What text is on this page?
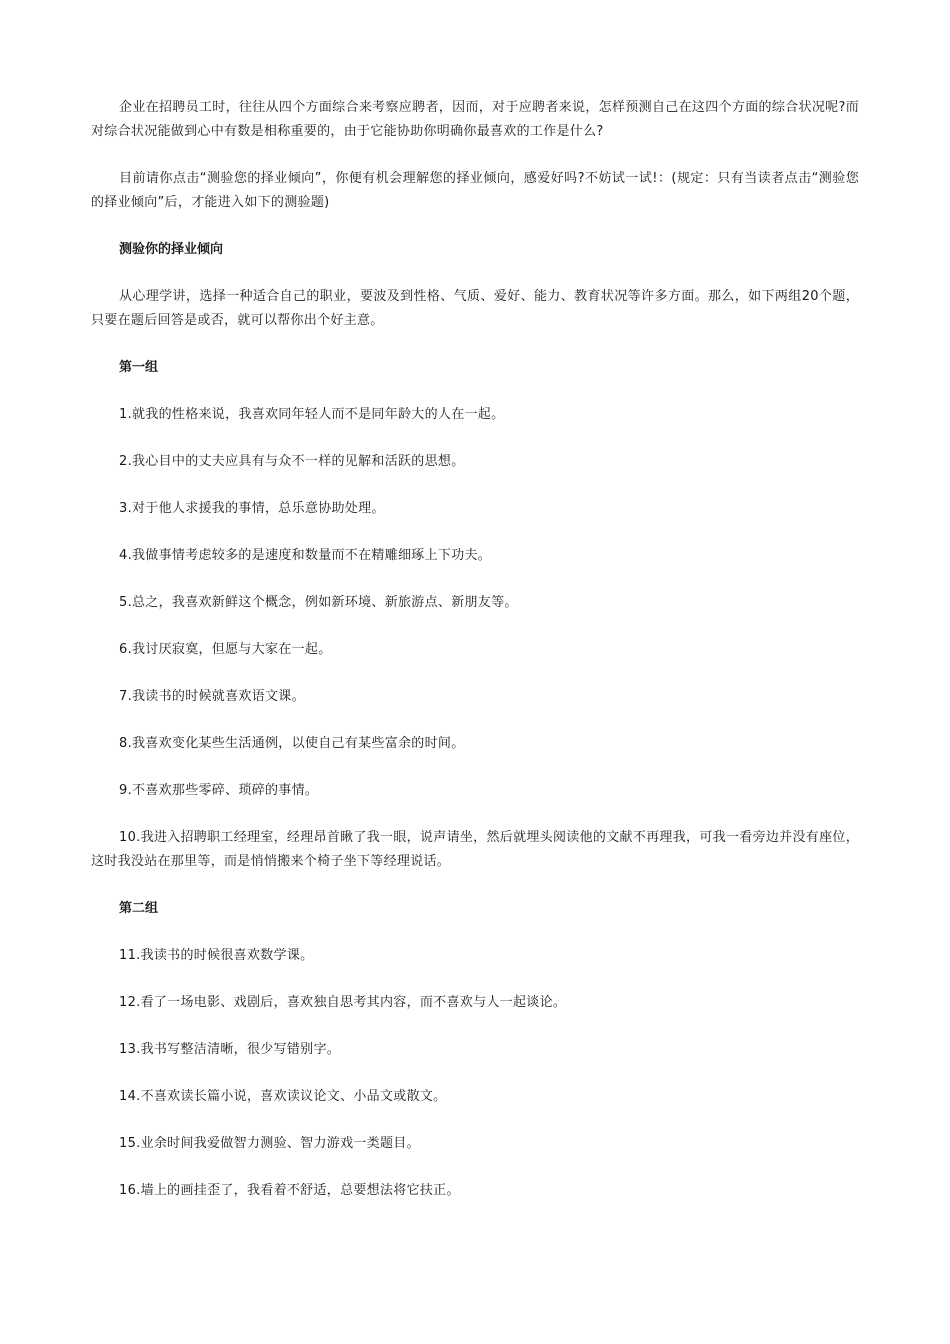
企业在招聘员工时，往往从四个方面综合来考察应聘者，因而，对于应聘者来说，怎样预测自己在这四个方面的综合状况呢?而对综合状况能做到心中有数是相称重要的，由于它能协助你明确你最喜欢的工作是什么?

目前请你点击“测验您的择业倾向”，你便有机会理解您的择业倾向，感爱好吗?不妨试一试!：(规定：只有当读者点击“测验您的择业倾向”后，才能进入如下的测验题)

测验你的择业倾向

从心理学讲，选择一种适合自己的职业，要波及到性格、气质、爱好、能力、教育状况等许多方面。那么，如下两组20个题，只要在题后回答是或否，就可以帮你出个好主意。

第一组
1.就我的性格来说，我喜欢同年轻人而不是同年龄大的人在一起。
2.我心目中的丈夫应具有与众不一样的见解和活跃的思想。
3.对于他人求援我的事情，总乐意协助处理。
4.我做事情考虑较多的是速度和数量而不在精雕细琢上下功夫。
5.总之，我喜欢新鲜这个概念，例如新环境、新旅游点、新朋友等。
6.我讨厌寂寞，但愿与大家在一起。
7.我读书的时候就喜欢语文课。
8.我喜欢变化某些生活通例，以使自己有某些富余的时间。
9.不喜欢那些零碎、琐碎的事情。
10.我进入招聘职工经理室，经理昂首瞅了我一眼，说声请坐，然后就埋头阅读他的文献不再理我，可我一看旁边并没有座位，这时我没站在那里等，而是悄悄搬来个椅子坐下等经理说话。
第二组
11.我读书的时候很喜欢数学课。
12.看了一场电影、戏剧后，喜欢独自思考其内容，而不喜欢与人一起谈论。
13.我书写整洁清晰，很少写错别字。
14.不喜欢读长篇小说，喜欢读议论文、小品文或散文。
15.业余时间我爱做智力测验、智力游戏一类题目。
16.墙上的画挂歪了，我看着不舒适，总要想法将它扶正。
